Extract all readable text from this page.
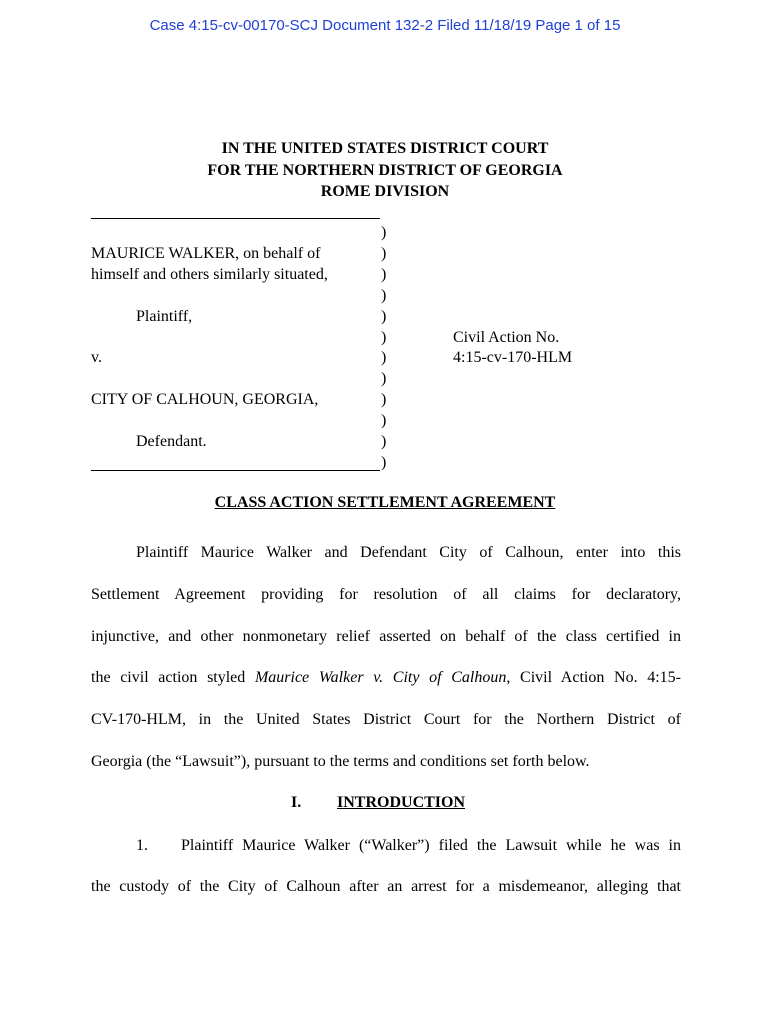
Case 4:15-cv-00170-SCJ Document 132-2 Filed 11/18/19 Page 1 of 15
IN THE UNITED STATES DISTRICT COURT
FOR THE NORTHERN DISTRICT OF GEORGIA
ROME DIVISION
MAURICE WALKER, on behalf of
himself and others similarly situated,
Plaintiff,
v.
CITY OF CALHOUN, GEORGIA,
Defendant.
)
)
)
)
)
)
)
)
)
)
)
)
Civil Action No.
4:15-cv-170-HLM
CLASS ACTION SETTLEMENT AGREEMENT
Plaintiff Maurice Walker and Defendant City of Calhoun, enter into this
Settlement Agreement providing for resolution of all claims for declaratory,
injunctive, and other nonmonetary relief asserted on behalf of the class certified in
the civil action styled Maurice Walker v. City of Calhoun, Civil Action No. 4:15-
CV-170-HLM, in the United States District Court for the Northern District of
Georgia (the “Lawsuit”), pursuant to the terms and conditions set forth below.
I. INTRODUCTION
1. Plaintiff Maurice Walker (“Walker”) filed the Lawsuit while he was in
the custody of the City of Calhoun after an arrest for a misdemeanor, alleging that
